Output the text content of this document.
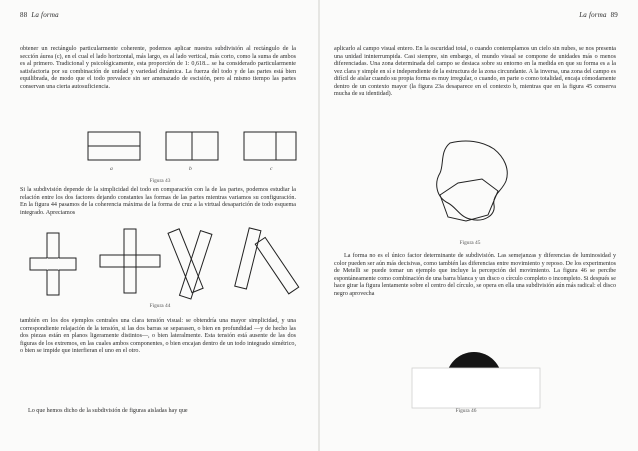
88 La forma

obtener un rectángulo particularmente coherente, podemos aplicar nuestra subdivisión al rectángulo de la sección áurea (c), en el cual el lado horizontal, más largo, es al lado vertical, más corto, como la suma de ambos es al primero. Tradicional y psicológicamente, esta proporción de 1: 0,618... se ha considerado particularmente satisfactoria por su combinación de unidad y variedad dinámica. La fuerza del todo y de las partes está bien equilibrada, de modo que el todo prevalece sin ser amenazado de escisión, pero al mismo tiempo las partes conservan una cierta autosuficiencia.

a	b	c
Figura 43

Si la subdivisión depende de la simplicidad del todo en comparación con la de las partes, podemos estudiar la relación entre los dos factores dejando constantes las formas de las partes mientras variamos su configuración. En la figura 44 pasamos de la coherencia máxima de la forma de cruz a la virtual desaparición de todo esquema integrado. Apreciamos

Figura 44

también en los dos ejemplos centrales una clara tensión visual: se obtendría una mayor simplicidad, y una correspondiente relajación de la tensión, si las dos barras se separasen, o bien en profundidad —y de hecho las dos piezas están en planos ligeramente distintos—, o bien lateralmente. Esta tensión está ausente de las dos figuras de los extremos, en las cuales ambos componentes, o bien encajan dentro de un todo integrado simétrico, o bien se impide que interfieran el uno en el otro.

Lo que hemos dicho de la subdivisión de figuras aisladas hay que

La forma 89

aplicarlo al campo visual entero. En la oscuridad total, o cuando contemplamos un cielo sin nubes, se nos presenta una unidad ininterrumpida. Casi siempre, sin embargo, el mundo visual se compone de unidades más o menos diferenciadas. Una zona determinada del campo se destaca sobre su entorno en la medida en que su forma es a la vez clara y simple en sí e independiente de la estructura de la zona circundante. A la inversa, una zona del campo es difícil de aislar cuando su propia forma es muy irregular, o cuando, en parte o como totalidad, encaja cómodamente dentro de un contexto mayor (la figura 23a desaparece en el contexto b, mientras que en la figura 45 conserva mucha de su identidad).

Figura 45

La forma no es el único factor determinante de subdivisión. Las semejanzas y diferencias de luminosidad y color pueden ser aún más decisivas, como también las diferencias entre movimiento y reposo. De los experimentos de Metelli se puede tomar un ejemplo que incluye la percepción del movimiento. La figura 46 se percibe espontáneamente como combinación de una barra blanca y un disco o círculo completo o incompleto. Si después se hace girar la figura lentamente sobre el centro del círculo, se opera en ella una subdivisión aún más radical: el disco negro aprovecha

Figura 46
